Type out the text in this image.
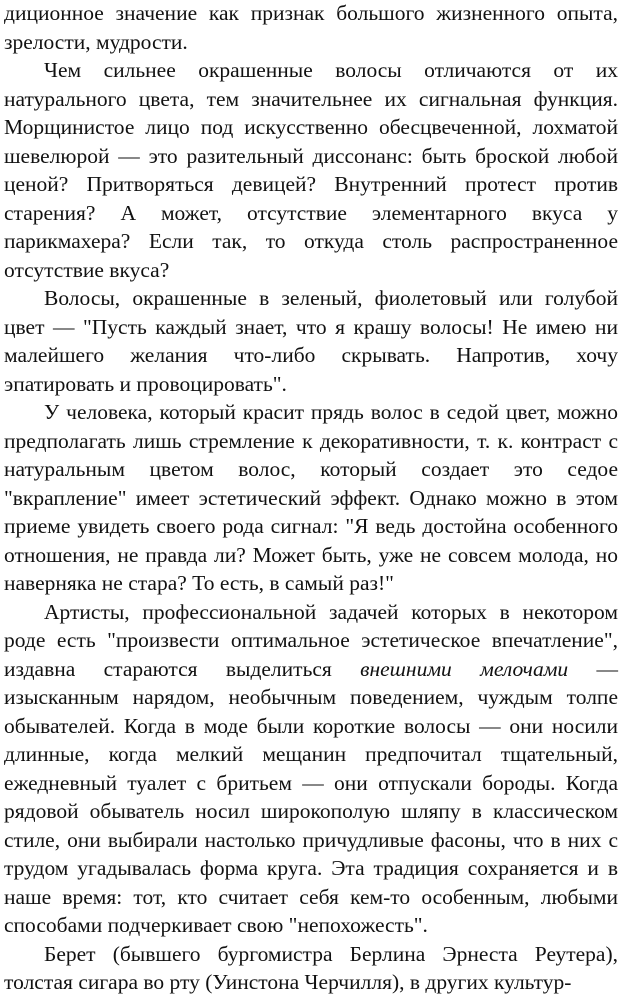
диционное значение как признак большого жизненного опыта, зрелости, мудрости.

Чем сильнее окрашенные волосы отличаются от их натурального цвета, тем значительнее их сигнальная функция. Морщинистое лицо под искусственно обесцвеченной, лохматой шевелюрой — это разительный диссонанс: быть броской любой ценой? Притворяться девицей? Внутренний протест против старения? А может, отсутствие элементарного вкуса у парикмахера? Если так, то откуда столь распространенное отсутствие вкуса?

Волосы, окрашенные в зеленый, фиолетовый или голубой цвет — "Пусть каждый знает, что я крашу волосы! Не имею ни малейшего желания что-либо скрывать. Напротив, хочу эпатировать и провоцировать".

У человека, который красит прядь волос в седой цвет, можно предполагать лишь стремление к декоративности, т. к. контраст с натуральным цветом волос, который создает это седое "вкрапление" имеет эстетический эффект. Однако можно в этом приеме увидеть своего рода сигнал: "Я ведь достойна особенного отношения, не правда ли? Может быть, уже не совсем молода, но наверняка не стара? То есть, в самый раз!"

Артисты, профессиональной задачей которых в некотором роде есть "произвести оптимальное эстетическое впечатление", издавна стараются выделиться внешними мелочами — изысканным нарядом, необычным поведением, чуждым толпе обывателей. Когда в моде были короткие волосы — они носили длинные, когда мелкий мещанин предпочитал тщательный, ежедневный туалет с бритьем — они отпускали бороды. Когда рядовой обыватель носил широкополую шляпу в классическом стиле, они выбирали настолько причудливые фасоны, что в них с трудом угадывалась форма круга. Эта традиция сохраняется и в наше время: тот, кто считает себя кем-то особенным, любыми способами подчеркивает свою "непохожесть".

Берет (бывшего бургомистра Берлина Эрнеста Реутера), толстая сигара во рту (Уинстона Черчилля), в других культур-
